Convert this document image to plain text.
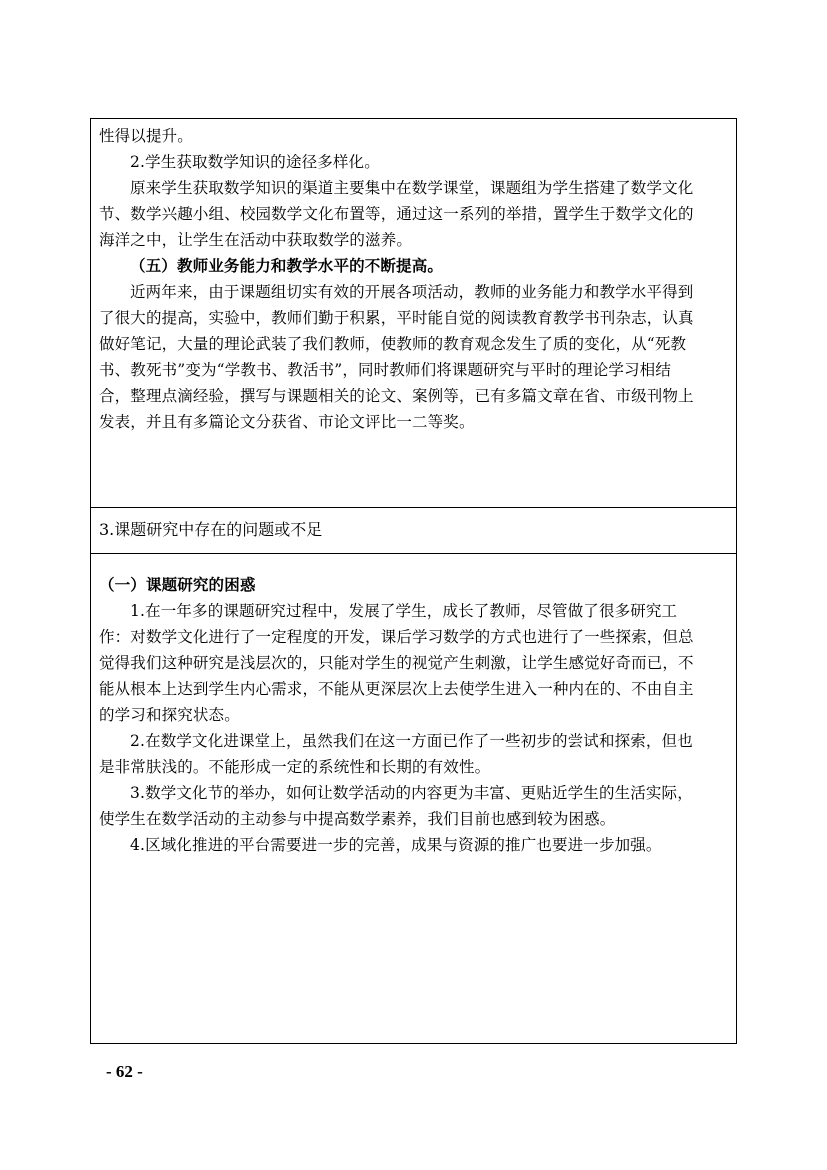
性得以提升。
2.学生获取数学知识的途径多样化。
原来学生获取数学知识的渠道主要集中在数学课堂，课题组为学生搭建了数学文化
节、数学兴趣小组、校园数学文化布置等，通过这一系列的举措，置学生于数学文化的
海洋之中，让学生在活动中获取数学的滋养。
（五）教师业务能力和教学水平的不断提高。
近两年来，由于课题组切实有效的开展各项活动，教师的业务能力和教学水平得到
了很大的提高，实验中，教师们勤于积累，平时能自觉的阅读教育教学书刊杂志，认真
做好笔记，大量的理论武装了我们教师，使教师的教育观念发生了质的变化，从“死教
书、教死书”变为“学教书、教活书”，同时教师们将课题研究与平时的理论学习相结
合，整理点滴经验，撰写与课题相关的论文、案例等，已有多篇文章在省、市级刊物上
发表，并且有多篇论文分获省、市论文评比一二等奖。
3.课题研究中存在的问题或不足
（一）课题研究的困惑
1.在一年多的课题研究过程中，发展了学生，成长了教师，尽管做了很多研究工
作：对数学文化进行了一定程度的开发，课后学习数学的方式也进行了一些探索，但总
觉得我们这种研究是浅层次的，只能对学生的视觉产生刺激，让学生感觉好奇而已，不
能从根本上达到学生内心需求，不能从更深层次上去使学生进入一种内在的、不由自主
的学习和探究状态。
2.在数学文化进课堂上，虽然我们在这一方面已作了一些初步的尝试和探索，但也
是非常肤浅的。不能形成一定的系统性和长期的有效性。
3.数学文化节的举办，如何让数学活动的内容更为丰富、更贴近学生的生活实际，
使学生在数学活动的主动参与中提高数学素养，我们目前也感到较为困惑。
4.区域化推进的平台需要进一步的完善，成果与资源的推广也要进一步加强。
- 62 -
